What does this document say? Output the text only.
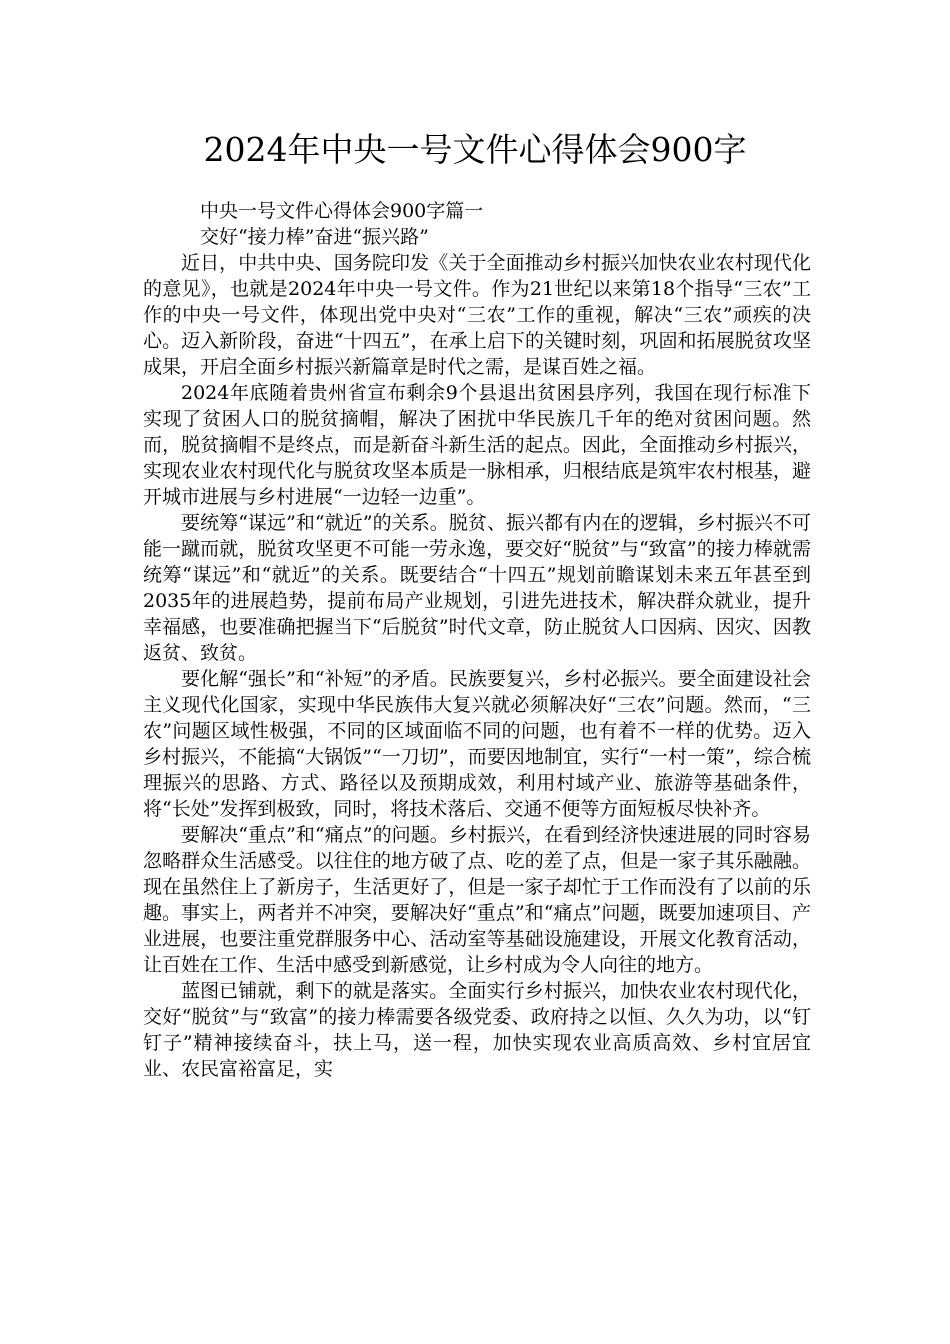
2024年中央一号文件心得体会900字

中央一号文件心得体会900字篇一

交好“接力棒”奋进“振兴路”

近日，中共中央、国务院印发《关于全面推动乡村振兴加快农业农村现代化的意见》，也就是2024年中央一号文件。作为21世纪以来第18个指导“三农”工作的中央一号文件，体现出党中央对“三农”工作的重视，解决“三农”顽疾的决心。迈入新阶段，奋进“十四五”，在承上启下的关键时刻，巩固和拓展脱贫攻坚成果，开启全面乡村振兴新篇章是时代之需，是谋百姓之福。

2024年底随着贵州省宣布剩余9个县退出贫困县序列，我国在现行标准下实现了贫困人口的脱贫摘帽，解决了困扰中华民族几千年的绝对贫困问题。然而，脱贫摘帽不是终点，而是新奋斗新生活的起点。因此，全面推动乡村振兴，实现农业农村现代化与脱贫攻坚本质是一脉相承，归根结底是筑牢农村根基，避开城市进展与乡村进展“一边轻一边重”。

要统筹“谋远”和“就近”的关系。脱贫、振兴都有内在的逻辑，乡村振兴不可能一蹴而就，脱贫攻坚更不可能一劳永逸，要交好“脱贫”与“致富”的接力棒就需统筹“谋远”和“就近”的关系。既要结合“十四五”规划前瞻谋划未来五年甚至到2035年的进展趋势，提前布局产业规划，引进先进技术，解决群众就业，提升幸福感，也要准确把握当下“后脱贫”时代文章，防止脱贫人口因病、因灾、因教返贫、致贫。

要化解“强长”和“补短”的矛盾。民族要复兴，乡村必振兴。要全面建设社会主义现代化国家，实现中华民族伟大复兴就必须解决好“三农”问题。然而，“三农”问题区域性极强，不同的区域面临不同的问题，也有着不一样的优势。迈入乡村振兴，不能搞“大锅饭”“一刀切”，而要因地制宜，实行“一村一策”，综合梳理振兴的思路、方式、路径以及预期成效，利用村域产业、旅游等基础条件，将“长处”发挥到极致，同时，将技术落后、交通不便等方面短板尽快补齐。

要解决“重点”和“痛点”的问题。乡村振兴，在看到经济快速进展的同时容易忽略群众生活感受。以往住的地方破了点、吃的差了点，但是一家子其乐融融。现在虽然住上了新房子，生活更好了，但是一家子却忙于工作而没有了以前的乐趣。事实上，两者并不冲突，要解决好“重点”和“痛点”问题，既要加速项目、产业进展，也要注重党群服务中心、活动室等基础设施建设，开展文化教育活动，让百姓在工作、生活中感受到新感觉，让乡村成为令人向往的地方。

蓝图已铺就，剩下的就是落实。全面实行乡村振兴，加快农业农村现代化，交好“脱贫”与“致富”的接力棒需要各级党委、政府持之以恒、久久为功，以“钉钉子”精神接续奋斗，扶上马，送一程，加快实现农业高质高效、乡村宜居宜业、农民富裕富足，实
